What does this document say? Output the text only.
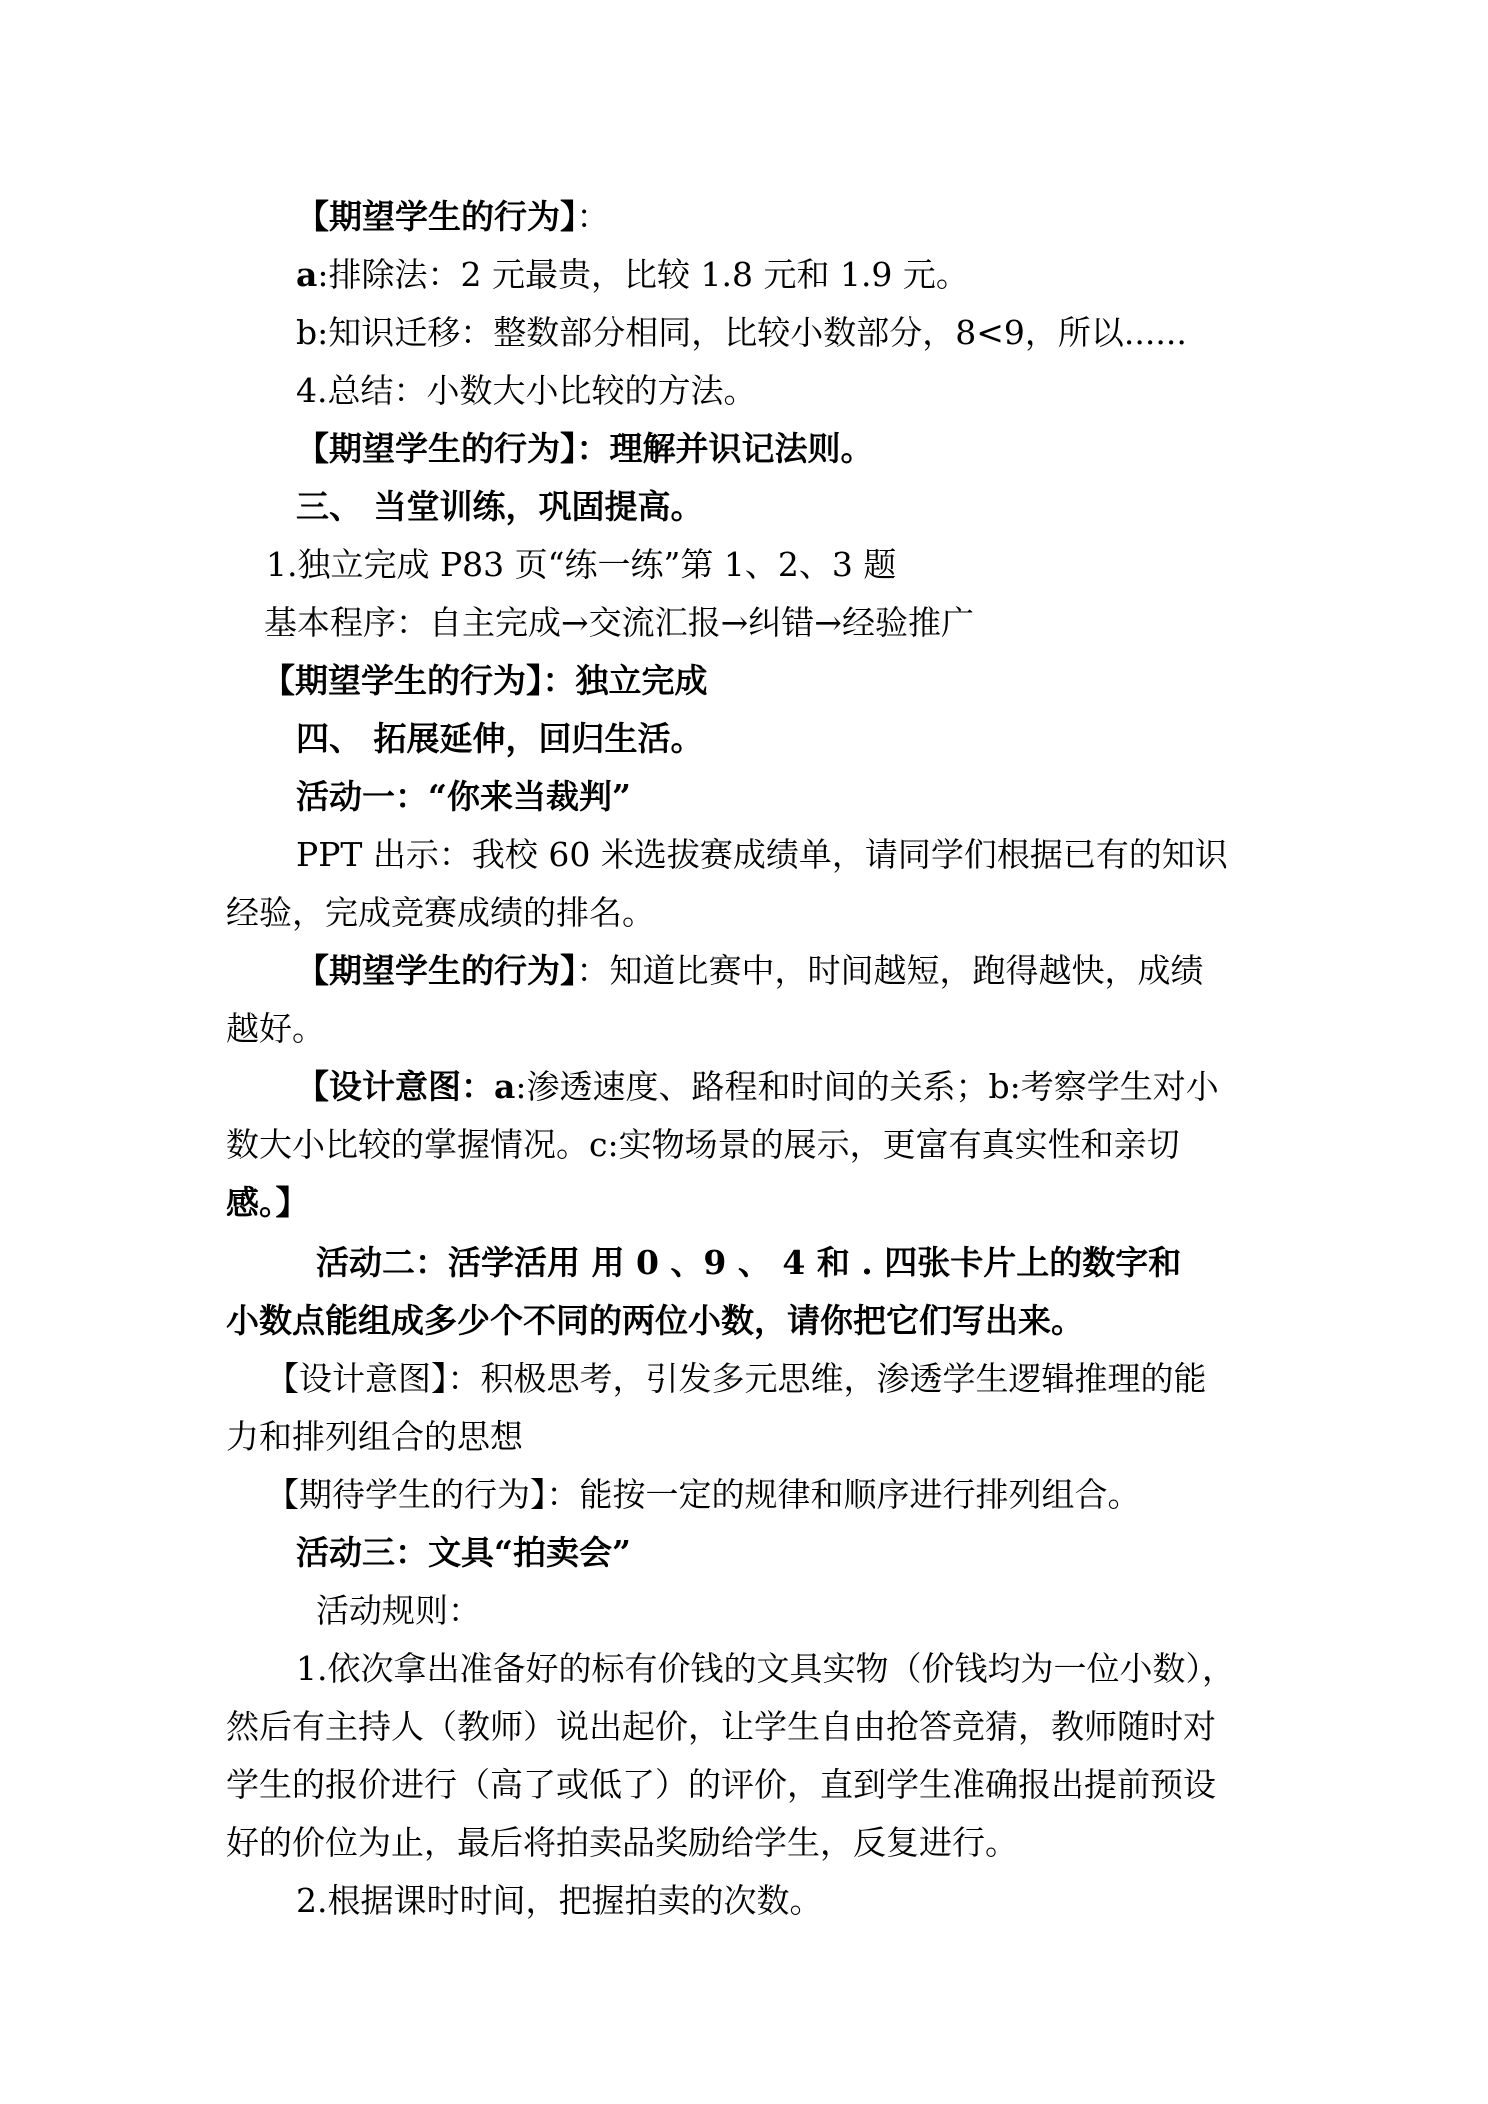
【期望学生的行为】：

a:排除法：2 元最贵，比较 1.8 元和 1.9 元。

b:知识迁移：整数部分相同，比较小数部分，8<9，所以......

4.总结：小数大小比较的方法。

【期望学生的行为】：理解并识记法则。

三、 当堂训练，巩固提高。

1.独立完成 P83 页“练一练”第 1、2、3 题

基本程序：自主完成→交流汇报→纠错→经验推广

【期望学生的行为】：独立完成

四、 拓展延伸，回归生活。

活动一：“你来当裁判”

PPT 出示：我校 60 米选拔赛成绩单，请同学们根据已有的知识

经验，完成竞赛成绩的排名。

【期望学生的行为】：知道比赛中，时间越短，跑得越快，成绩

越好。

【设计意图：a:渗透速度、路程和时间的关系；b:考察学生对小

数大小比较的掌握情况。c:实物场景的展示，更富有真实性和亲切

感。】

活动二：活学活用 用 0 、9 、 4 和 . 四张卡片上的数字和

小数点能组成多少个不同的两位小数，请你把它们写出来。

【设计意图】：积极思考，引发多元思维，渗透学生逻辑推理的能

力和排列组合的思想

【期待学生的行为】：能按一定的规律和顺序进行排列组合。

活动三：文具“拍卖会”

活动规则：

1.依次拿出准备好的标有价钱的文具实物（价钱均为一位小数），

然后有主持人（教师）说出起价，让学生自由抢答竞猜，教师随时对

学生的报价进行（高了或低了）的评价，直到学生准确报出提前预设

好的价位为止，最后将拍卖品奖励给学生，反复进行。

2.根据课时时间，把握拍卖的次数。
